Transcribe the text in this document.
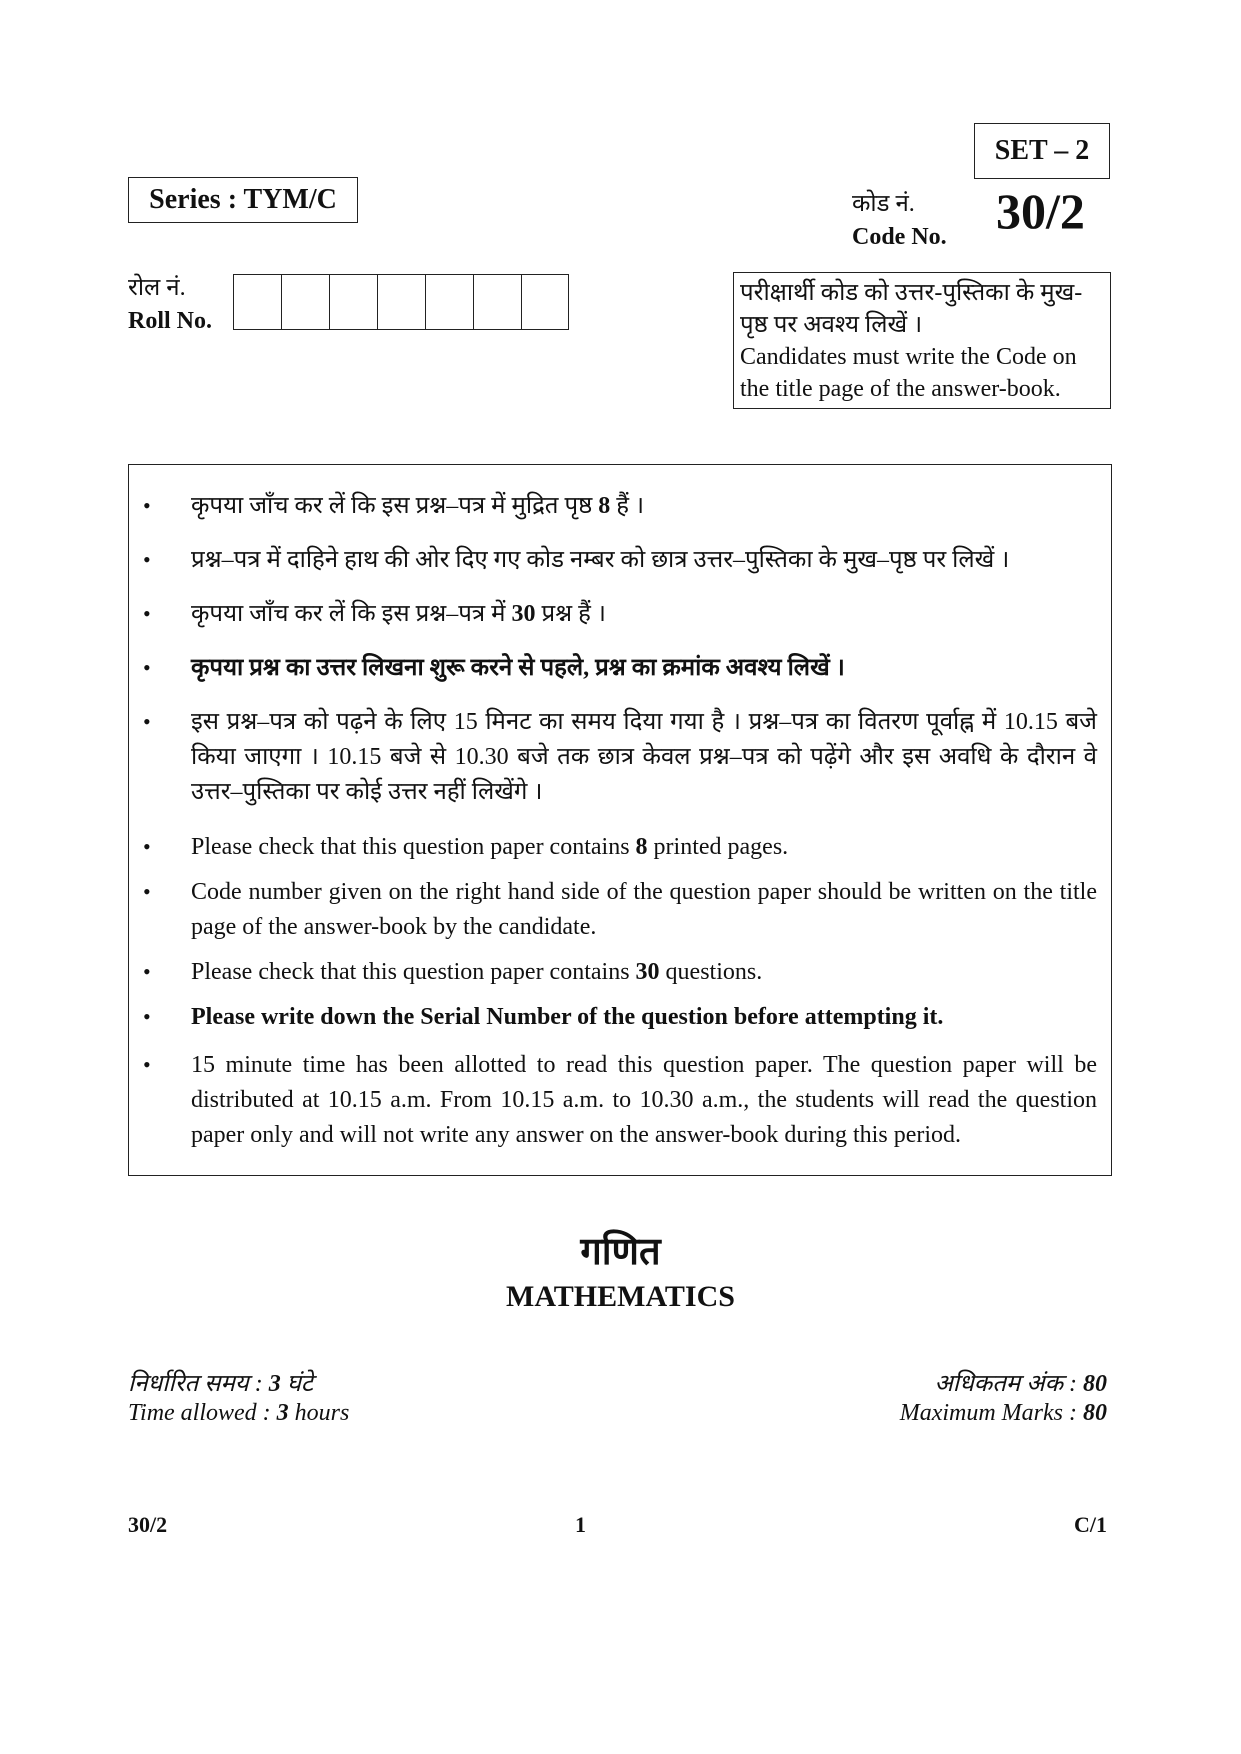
SET – 2
Series : TYM/C	कोड नं.
Code No. 30/2
रोल नं.
Roll No.
परीक्षार्थी कोड को उत्तर-पुस्तिका के मुख-
पृष्ठ पर अवश्य लिखें ।
Candidates must write the Code on
the title page of the answer-book.
• कृपया जाँच कर लें कि इस प्रश्न–पत्र में मुद्रित पृष्ठ 8 हैं ।
• प्रश्न–पत्र में दाहिने हाथ की ओर दिए गए कोड नम्बर को छात्र उत्तर–पुस्तिका के मुख–पृष्ठ पर लिखें ।
• कृपया जाँच कर लें कि इस प्रश्न–पत्र में 30 प्रश्न हैं ।
• कृपया प्रश्न का उत्तर लिखना शुरू करने से पहले, प्रश्न का क्रमांक अवश्य लिखें ।
• इस प्रश्न–पत्र को पढ़ने के लिए 15 मिनट का समय दिया गया है । प्रश्न–पत्र का वितरण पूर्वाह्न में 10.15 बजे किया जाएगा । 10.15 बजे से 10.30 बजे तक छात्र केवल प्रश्न–पत्र को पढ़ेंगे और इस अवधि के दौरान वे उत्तर–पुस्तिका पर कोई उत्तर नहीं लिखेंगे ।
• Please check that this question paper contains 8 printed pages.
• Code number given on the right hand side of the question paper should be written on the title page of the answer-book by the candidate.
• Please check that this question paper contains 30 questions.
• Please write down the Serial Number of the question before attempting it.
• 15 minute time has been allotted to read this question paper. The question paper will be distributed at 10.15 a.m. From 10.15 a.m. to 10.30 a.m., the students will read the question paper only and will not write any answer on the answer-book during this period.
गणित
MATHEMATICS
निर्धारित समय : 3 घंटे
Time allowed : 3 hours
अधिकतम अंक : 80
Maximum Marks : 80
30/2	1	C/1
